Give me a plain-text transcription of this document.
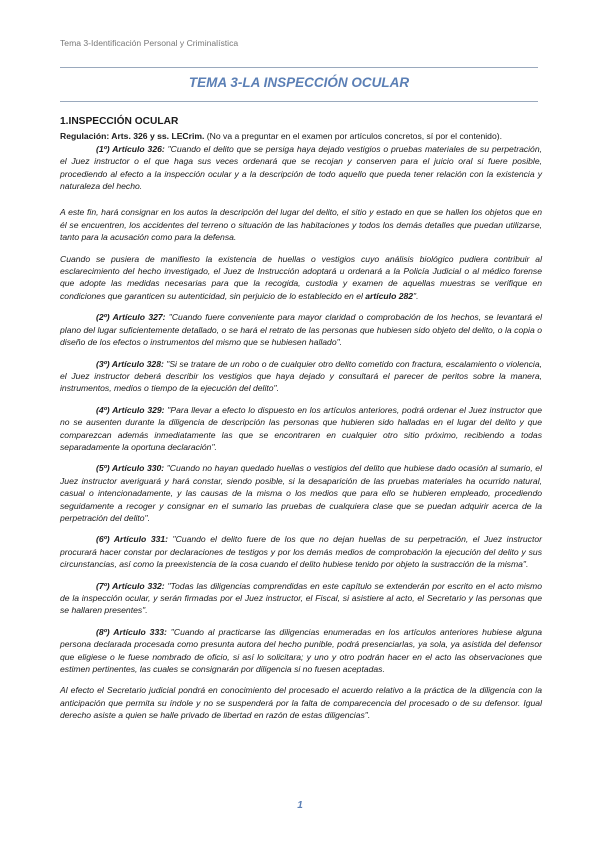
Tema 3-Identificación Personal y Criminalística
TEMA 3-LA INSPECCIÓN OCULAR
1.INSPECCIÓN OCULAR

Regulación: Arts. 326 y ss. LECrim. (No va a preguntar en el examen por artículos concretos, sí por el contenido).

(1º) Artículo 326: "Cuando el delito que se persiga haya dejado vestigios o pruebas materiales de su perpetración, el Juez instructor o el que haga sus veces ordenará que se recojan y conserven para el juicio oral si fuere posible, procediendo al efecto a la inspección ocular y a la descripción de todo aquello que pueda tener relación con la existencia y naturaleza del hecho.

A este fin, hará consignar en los autos la descripción del lugar del delito, el sitio y estado en que se hallen los objetos que en él se encuentren, los accidentes del terreno o situación de las habitaciones y todos los demás detalles que puedan utilizarse, tanto para la acusación como para la defensa.

Cuando se pusiera de manifiesto la existencia de huellas o vestigios cuyo análisis biológico pudiera contribuir al esclarecimiento del hecho investigado, el Juez de Instrucción adoptará u ordenará a la Policía Judicial o al médico forense que adopte las medidas necesarias para que la recogida, custodia y examen de aquellas muestras se verifique en condiciones que garanticen su autenticidad, sin perjuicio de lo establecido en el artículo 282".

(2º) Artículo 327: "Cuando fuere conveniente para mayor claridad o comprobación de los hechos, se levantará el plano del lugar suficientemente detallado, o se hará el retrato de las personas que hubiesen sido objeto del delito, o la copia o diseño de los efectos o instrumentos del mismo que se hubiesen hallado".

(3º) Artículo 328: "Si se tratare de un robo o de cualquier otro delito cometido con fractura, escalamiento o violencia, el Juez instructor deberá describir los vestigios que haya dejado y consultará el parecer de peritos sobre la manera, instrumentos, medios o tiempo de la ejecución del delito".

(4º) Artículo 329: "Para llevar a efecto lo dispuesto en los artículos anteriores, podrá ordenar el Juez instructor que no se ausenten durante la diligencia de descripción las personas que hubieren sido halladas en el lugar del delito y que comparezcan además inmediatamente las que se encontraren en cualquier otro sitio próximo, recibiendo a todas separadamente la oportuna declaración".

(5º) Artículo 330: "Cuando no hayan quedado huellas o vestigios del delito que hubiese dado ocasión al sumario, el Juez instructor averiguará y hará constar, siendo posible, si la desaparición de las pruebas materiales ha ocurrido natural, casual o intencionadamente, y las causas de la misma o los medios que para ello se hubieren empleado, procediendo seguidamente a recoger y consignar en el sumario las pruebas de cualquiera clase que se puedan adquirir acerca de la perpetración del delito".

(6º) Artículo 331: "Cuando el delito fuere de los que no dejan huellas de su perpetración, el Juez instructor procurará hacer constar por declaraciones de testigos y por los demás medios de comprobación la ejecución del delito y sus circunstancias, así como la preexistencia de la cosa cuando el delito hubiese tenido por objeto la sustracción de la misma".

(7º) Artículo 332: "Todas las diligencias comprendidas en este capítulo se extenderán por escrito en el acto mismo de la inspección ocular, y serán firmadas por el Juez instructor, el Fiscal, si asistiere al acto, el Secretario y las personas que se hallaren presentes".

(8º) Artículo 333: "Cuando al practicarse las diligencias enumeradas en los artículos anteriores hubiese alguna persona declarada procesada como presunta autora del hecho punible, podrá presenciarlas, ya sola, ya asistida del defensor que eligiese o le fuese nombrado de oficio, si así lo solicitara; y uno y otro podrán hacer en el acto las observaciones que estimen pertinentes, las cuales se consignarán por diligencia si no fuesen aceptadas.

Al efecto el Secretario judicial pondrá en conocimiento del procesado el acuerdo relativo a la práctica de la diligencia con la anticipación que permita su índole y no se suspenderá por la falta de comparecencia del procesado o de su defensor. Igual derecho asiste a quien se halle privado de libertad en razón de estas diligencias".

1
